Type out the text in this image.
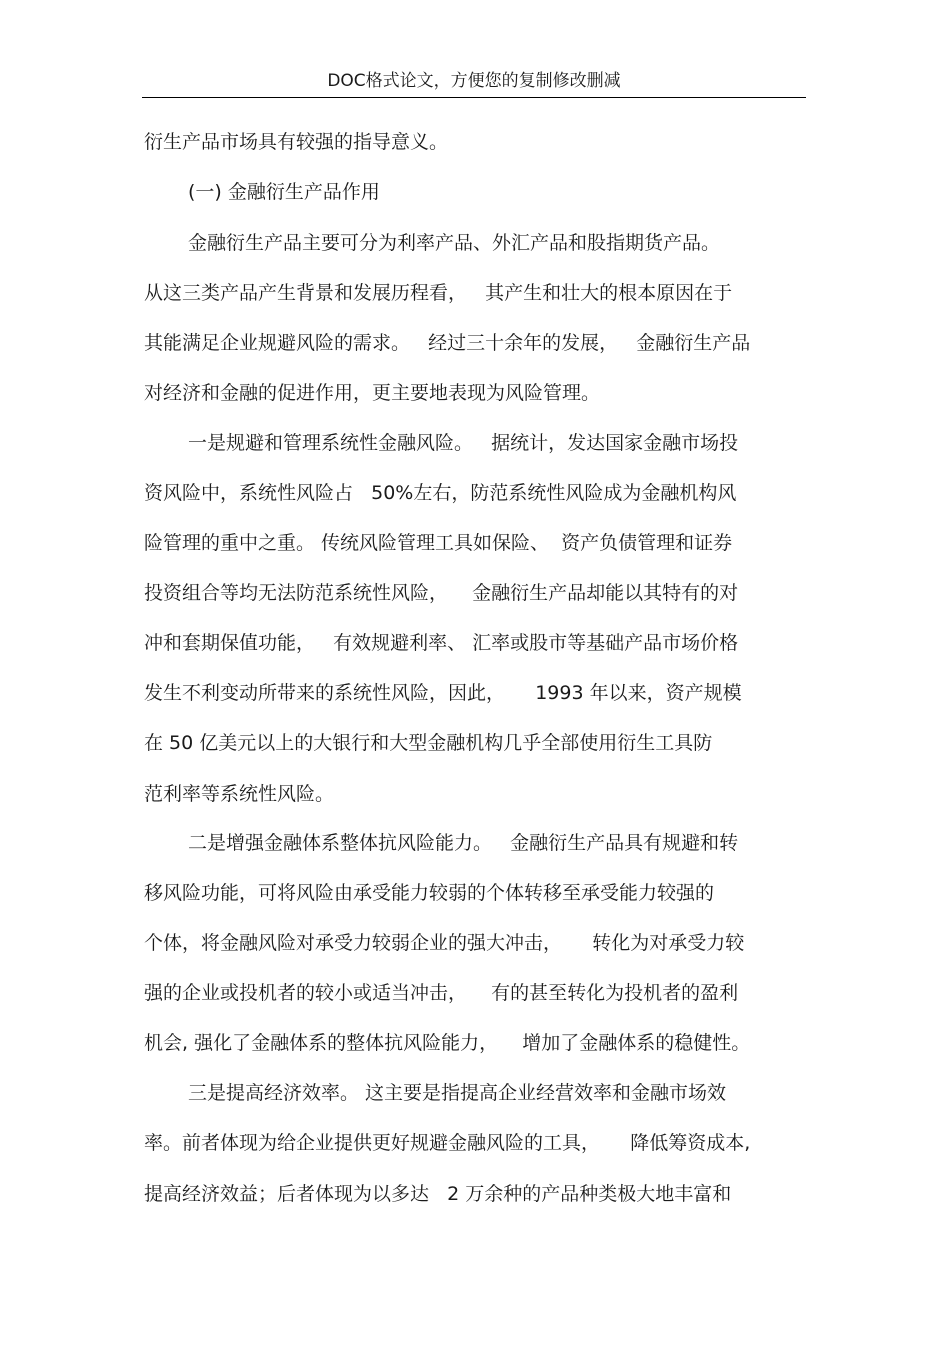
DOC格式论文，方便您的复制修改删减
衍生产品市场具有较强的指导意义。
(一) 金融衍生产品作用
金融衍生产品主要可分为利率产品、外汇产品和股指期货产品。
从这三类产品产生背景和发展历程看，   其产生和壮大的根本原因在于
其能满足企业规避风险的需求。   经过三十余年的发展，   金融衍生产品
对经济和金融的促进作用，更主要地表现为风险管理。
一是规避和管理系统性金融风险。   据统计，发达国家金融市场投
资风险中，系统性风险占   50%左右，防范系统性风险成为金融机构风
险管理的重中之重。 传统风险管理工具如保险、  资产负债管理和证券
投资组合等均无法防范系统性风险，    金融衍生产品却能以其特有的对
冲和套期保值功能，   有效规避利率、 汇率或股市等基础产品市场价格
发生不利变动所带来的系统性风险，因此，     1993 年以来，资产规模
在 50 亿美元以上的大银行和大型金融机构几乎全部使用衍生工具防
范利率等系统性风险。
二是增强金融体系整体抗风险能力。   金融衍生产品具有规避和转
移风险功能，可将风险由承受能力较弱的个体转移至承受能力较强的
个体，将金融风险对承受力较弱企业的强大冲击，     转化为对承受力较
强的企业或投机者的较小或适当冲击，    有的甚至转化为投机者的盈利
机会, 强化了金融体系的整体抗风险能力，    增加了金融体系的稳健性。
三是提高经济效率。 这主要是指提高企业经营效率和金融市场效
率。前者体现为给企业提供更好规避金融风险的工具，     降低筹资成本,
提高经济效益；后者体现为以多达   2 万余种的产品种类极大地丰富和
